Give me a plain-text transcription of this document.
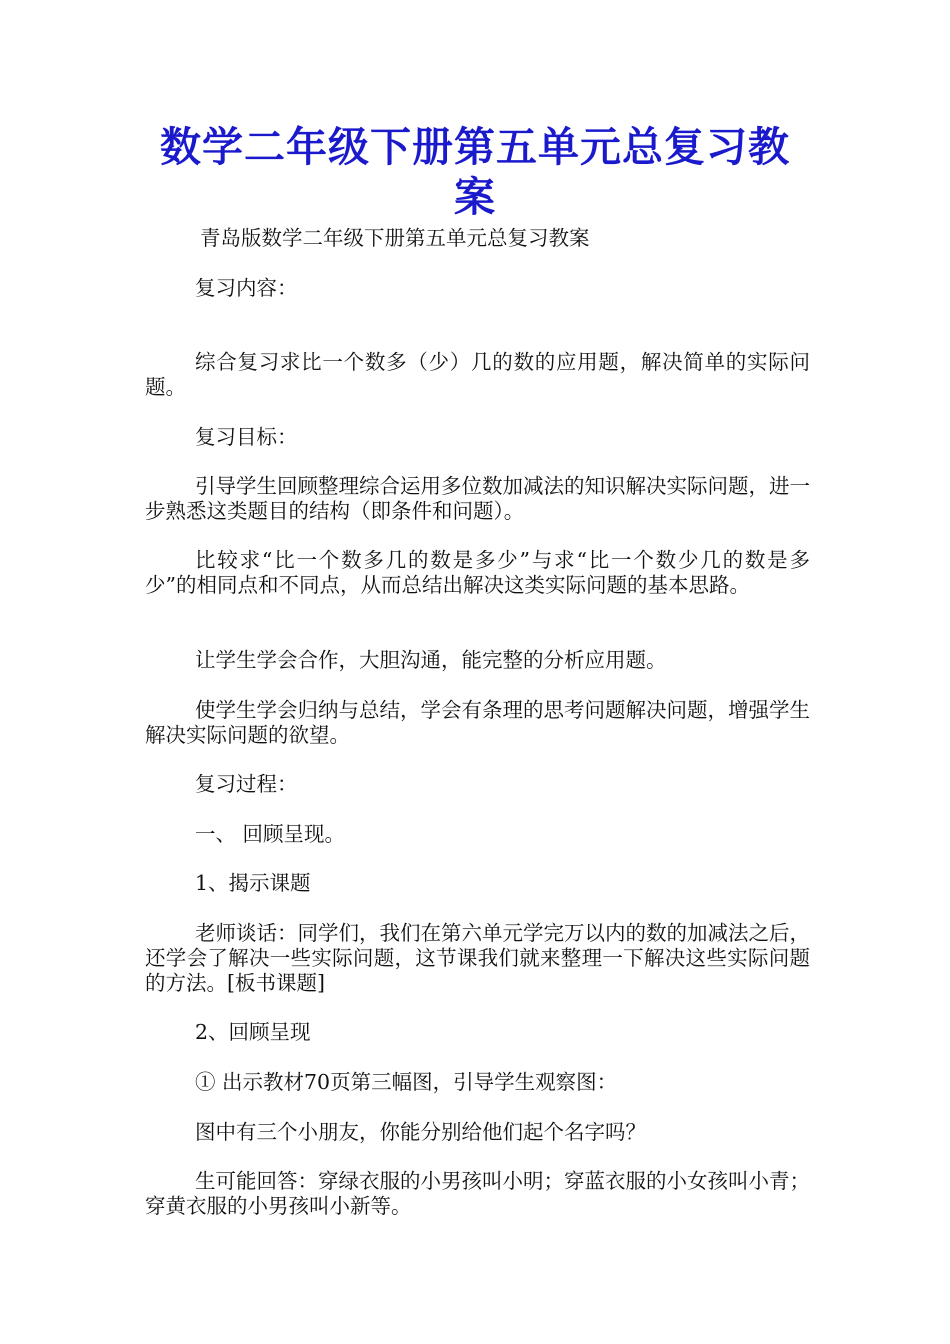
数学二年级下册第五单元总复习教案

青岛版数学二年级下册第五单元总复习教案

复习内容：

综合复习求比一个数多（少）几的数的应用题，解决简单的实际问题。

复习目标：

引导学生回顾整理综合运用多位数加减法的知识解决实际问题，进一步熟悉这类题目的结构（即条件和问题）。

比较求“比一个数多几的数是多少”与求“比一个数少几的数是多少”的相同点和不同点，从而总结出解决这类实际问题的基本思路。

让学生学会合作，大胆沟通，能完整的分析应用题。

使学生学会归纳与总结，学会有条理的思考问题解决问题，增强学生解决实际问题的欲望。

复习过程：

一、 回顾呈现。

1、揭示课题

老师谈话：同学们，我们在第六单元学完万以内的数的加减法之后，还学会了解决一些实际问题，这节课我们就来整理一下解决这些实际问题的方法。[板书课题]

2、回顾呈现

① 出示教材70页第三幅图，引导学生观察图：

图中有三个小朋友，你能分别给他们起个名字吗？

生可能回答：穿绿衣服的小男孩叫小明；穿蓝衣服的小女孩叫小青；穿黄衣服的小男孩叫小新等。
